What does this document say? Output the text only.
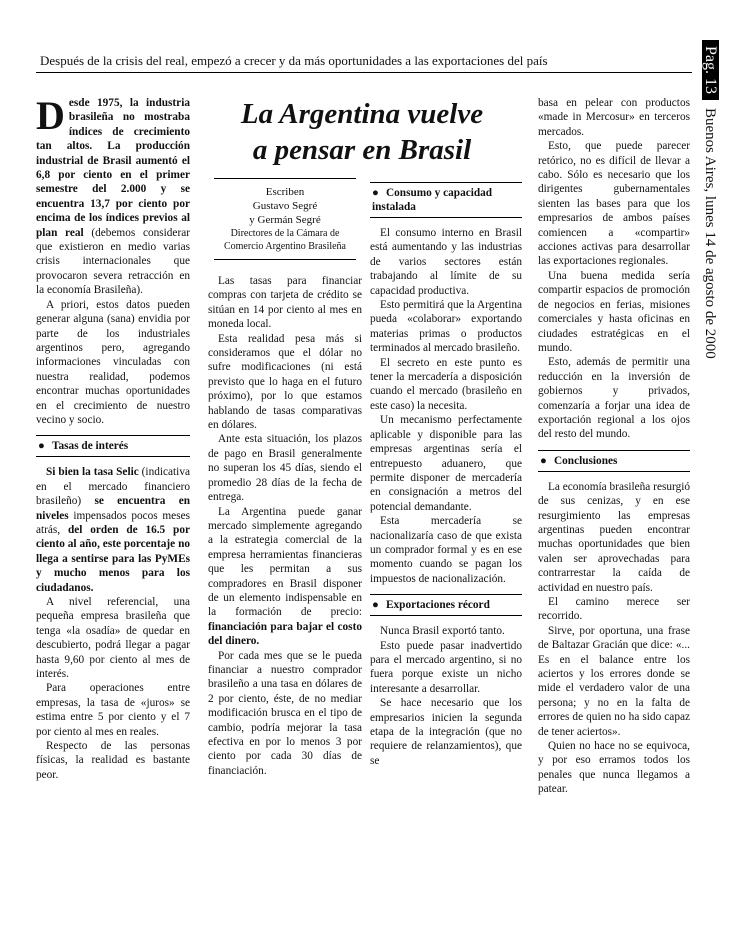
Después de la crisis del real, empezó a crecer y da más oportunidades a las exportaciones del país	Pag. 13Buenos Aires, lunes 14 de agosto de 2000

Desde 1975, la industria brasileña no mostraba índices de crecimiento tan altos. La producción industrial de Brasil aumentó el 6,8 por ciento en el primer semestre del 2.000 y se encuentra 13,7 por ciento por encima de los índices previos al plan real (debemos considerar que existieron en medio varias crisis internacionales que provocaron severa retracción en la economía Brasileña).

A priori, estos datos pueden generar alguna (sana) envidia por parte de los industriales argentinos pero, agregando informaciones vinculadas con nuestra realidad, podemos encontrar muchas oportunidades en el crecimiento de nuestro vecino y socio.

● Tasas de interés

Si bien la tasa Selic (indicativa en el mercado financiero brasileño) se encuentra en niveles impensados pocos meses atrás, del orden de 16.5 por ciento al año, este porcentaje no llega a sentirse para las PyMEs y mucho menos para los ciudadanos.

A nivel referencial, una pequeña empresa brasileña que tenga «la osadía» de quedar en descubierto, podrá llegar a pagar hasta 9,60 por ciento al mes de interés.

Para operaciones entre empresas, la tasa de «juros» se estima entre 5 por ciento y el 7 por ciento al mes en reales.

Respecto de las personas físicas, la realidad es bastante peor.

La Argentina vuelve
a pensar en Brasil
Escriben
Gustavo Segré
y Germán Segré
Directores de la Cámara de
Comercio Argentino Brasileña

Las tasas para financiar compras con tarjeta de crédito se sitúan en 14 por ciento al mes en moneda local.

Esta realidad pesa más si consideramos que el dólar no sufre modificaciones (ni está previsto que lo haga en el futuro próximo), por lo que estamos hablando de tasas comparativas en dólares.

Ante esta situación, los plazos de pago en Brasil generalmente no superan los 45 días, siendo el promedio 28 días de la fecha de entrega.

La Argentina puede ganar mercado simplemente agregando a la estrategia comercial de la empresa herramientas financieras que les permitan a sus compradores en Brasil disponer de un elemento indispensable en la formación de precio: financiación para bajar el costo del dinero.

Por cada mes que se le pueda financiar a nuestro comprador brasileño a una tasa en dólares de 2 por ciento, éste, de no mediar modificación brusca en el tipo de cambio, podría mejorar la tasa efectiva en por lo menos 3 por ciento por cada 30 días de financiación.

● Consumo y capacidad instalada

El consumo interno en Brasil está aumentando y las industrias de varios sectores están trabajando al límite de su capacidad productiva.

Esto permitirá que la Argentina pueda «colaborar» exportando materias primas o productos terminados al mercado brasileño.

El secreto en este punto es tener la mercadería a disposición cuando el mercado (brasileño en este caso) la necesita.

Un mecanismo perfectamente aplicable y disponible para las empresas argentinas sería el entrepuesto aduanero, que permite disponer de mercadería en consignación a metros del potencial demandante.

Esta mercadería se nacionalizaría caso de que exista un comprador formal y es en ese momento cuando se pagan los impuestos de nacionalización.

● Exportaciones récord

Nunca Brasil exportó tanto.

Esto puede pasar inadvertido para el mercado argentino, si no fuera porque existe un nicho interesante a desarrollar.

Se hace necesario que los empresarios inicien la segunda etapa de la integración (que no requiere de relanzamientos), que se

basa en pelear con productos «made in Mercosur» en terceros mercados.

Esto, que puede parecer retórico, no es difícil de llevar a cabo. Sólo es necesario que los dirigentes gubernamentales sienten las bases para que los empresarios de ambos países comiencen a «compartir» acciones activas para desarrollar las exportaciones regionales.

Una buena medida sería compartir espacios de promoción de negocios en ferias, misiones comerciales y hasta oficinas en ciudades estratégicas en el mundo.

Esto, además de permitir una reducción en la inversión de gobiernos y privados, comenzaría a forjar una idea de exportación regional a los ojos del resto del mundo.

● Conclusiones

La economía brasileña resurgió de sus cenizas, y en ese resurgimiento las empresas argentinas pueden encontrar muchas oportunidades que bien valen ser aprovechadas para contrarrestar la caída de actividad en nuestro país.

El camino merece ser recorrido.

Sirve, por oportuna, una frase de Baltazar Gracián que dice: «... Es en el balance entre los aciertos y los errores donde se mide el verdadero valor de una persona; y no en la falta de errores de quien no ha sido capaz de tener aciertos».

Quien no hace no se equivoca, y por eso erramos todos los penales que nunca llegamos a patear.
